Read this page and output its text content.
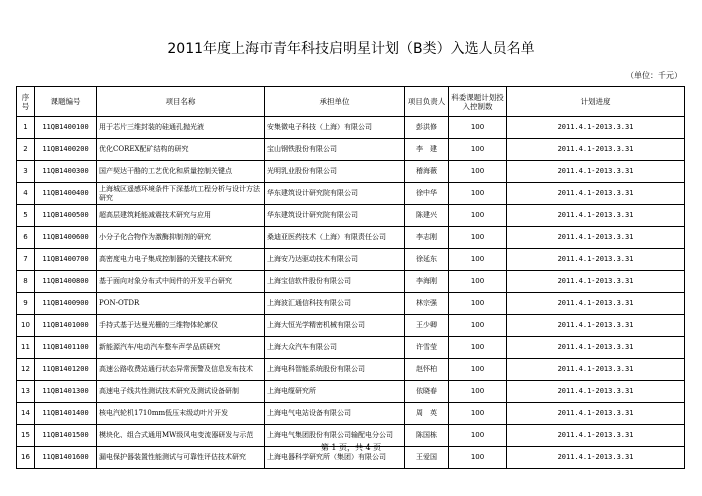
2011年度上海市青年科技启明星计划（B类）入选人员名单
（单位：千元）
序号	课题编号	项目名称	承担单位	项目负责人	科委课题计划投入控制数	计划进度
1	11QB1400100	用于芯片三维封装的硅通孔抛光液	安集微电子科技（上海）有限公司	彭洪修	100	2011.4.1-2013.3.31
2	11QB1400200	优化COREX配矿结构的研究	宝山钢铁股份有限公司	李　建	100	2011.4.1-2013.3.31
3	11QB1400300	国产契达干酪的工艺优化和质量控制关键点	光明乳业股份有限公司	稽海薇	100	2011.4.1-2013.3.31
4	11QB1400400	上海城区遥感环境条件下深基坑工程分析与设计方法研究	华东建筑设计研究院有限公司	徐中华	100	2011.4.1-2013.3.31
5	11QB1400500	超高层建筑耗能减震技术研究与应用	华东建筑设计研究院有限公司	陈建兴	100	2011.4.1-2013.3.31
6	11QB1400600	小分子化合物作为激酶抑制剂的研究	桑迪亚医药技术（上海）有限责任公司	李志刚	100	2011.4.1-2013.3.31
7	11QB1400700	高密度电力电子集成控制器的关键技术研究	上海安乃达驱动技术有限公司	徐延东	100	2011.4.1-2013.3.31
8	11QB1400800	基于面向对象分布式中间件的开发平台研究	上海宝信软件股份有限公司	李海刚	100	2011.4.1-2013.3.31
9	11QB1400900	PON-OTDR	上海波汇通信科技有限公司	林宗强	100	2011.4.1-2013.3.31
10	11QB1401000	手持式基于达曼光栅的三维物体轮廓仪	上海大恒光学精密机械有限公司	王少卿	100	2011.4.1-2013.3.31
11	11QB1401100	新能源汽车/电动汽车整车声学品质研究	上海大众汽车有限公司	许雪莹	100	2011.4.1-2013.3.31
12	11QB1401200	高速公路收费站通行状态异常预警及信息发布技术	上海电科智能系统股份有限公司	赵怀柏	100	2011.4.1-2013.3.31
13	11QB1401300	高速电子线共性测试技术研究及测试设备研制	上海电缆研究所	依晓春	100	2011.4.1-2013.3.31
14	11QB1401400	核电汽轮机1710mm低压末级动叶片开发	上海电气电站设备有限公司	周　英	100	2011.4.1-2013.3.31
15	11QB1401500	模块化、组合式通用MW级风电变流器研发与示范	上海电气集团股份有限公司输配电分公司	陈国栋	100	2011.4.1-2013.3.31
16	11QB1401600	漏电保护器装置性能测试与可靠性评估技术研究	上海电器科学研究所（集团）有限公司	王爱国	100	2011.4.1-2013.3.31
第 1 页，共 4 页
